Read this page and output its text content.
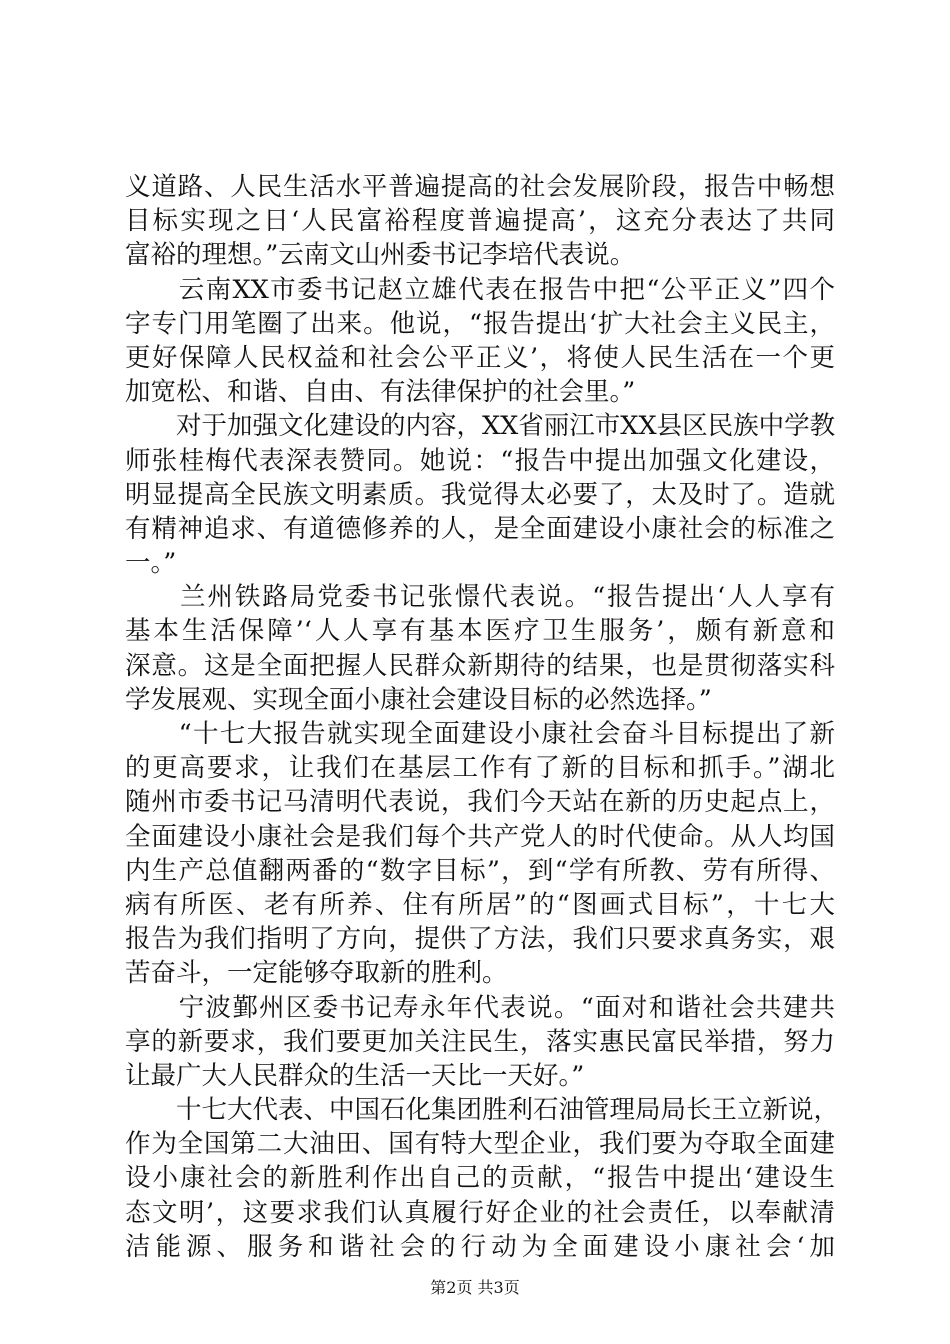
义道路、人民生活水平普遍提高的社会发展阶段，报告中畅想
目标实现之日‘人民富裕程度普遍提高’，这充分表达了共同
富裕的理想。”云南文山州委书记李培代表说。
　　云南XX市委书记赵立雄代表在报告中把“公平正义”四个
字专门用笔圈了出来。他说，“报告提出‘扩大社会主义民主，
更好保障人民权益和社会公平正义’，将使人民生活在一个更
加宽松、和谐、自由、有法律保护的社会里。”
　　对于加强文化建设的内容，XX省丽江市XX县区民族中学教
师张桂梅代表深表赞同。她说：“报告中提出加强文化建设，
明显提高全民族文明素质。我觉得太必要了，太及时了。造就
有精神追求、有道德修养的人，是全面建设小康社会的标准之
一。”
　　兰州铁路局党委书记张憬代表说。“报告提出‘人人享有
基本生活保障’‘人人享有基本医疗卫生服务’，颇有新意和
深意。这是全面把握人民群众新期待的结果，也是贯彻落实科
学发展观、实现全面小康社会建设目标的必然选择。”
　　“十七大报告就实现全面建设小康社会奋斗目标提出了新
的更高要求，让我们在基层工作有了新的目标和抓手。”湖北
随州市委书记马清明代表说，我们今天站在新的历史起点上，
全面建设小康社会是我们每个共产党人的时代使命。从人均国
内生产总值翻两番的“数字目标”，到“学有所教、劳有所得、
病有所医、老有所养、住有所居”的“图画式目标”，十七大
报告为我们指明了方向，提供了方法，我们只要求真务实，艰
苦奋斗，一定能够夺取新的胜利。
　　宁波鄞州区委书记寿永年代表说。“面对和谐社会共建共
享的新要求，我们要更加关注民生，落实惠民富民举措，努力
让最广大人民群众的生活一天比一天好。”
　　十七大代表、中国石化集团胜利石油管理局局长王立新说，
作为全国第二大油田、国有特大型企业，我们要为夺取全面建
设小康社会的新胜利作出自己的贡献，“报告中提出‘建设生
态文明’，这要求我们认真履行好企业的社会责任，以奉献清
洁能源、服务和谐社会的行动为全面建设小康社会‘加
第2页 共3页
